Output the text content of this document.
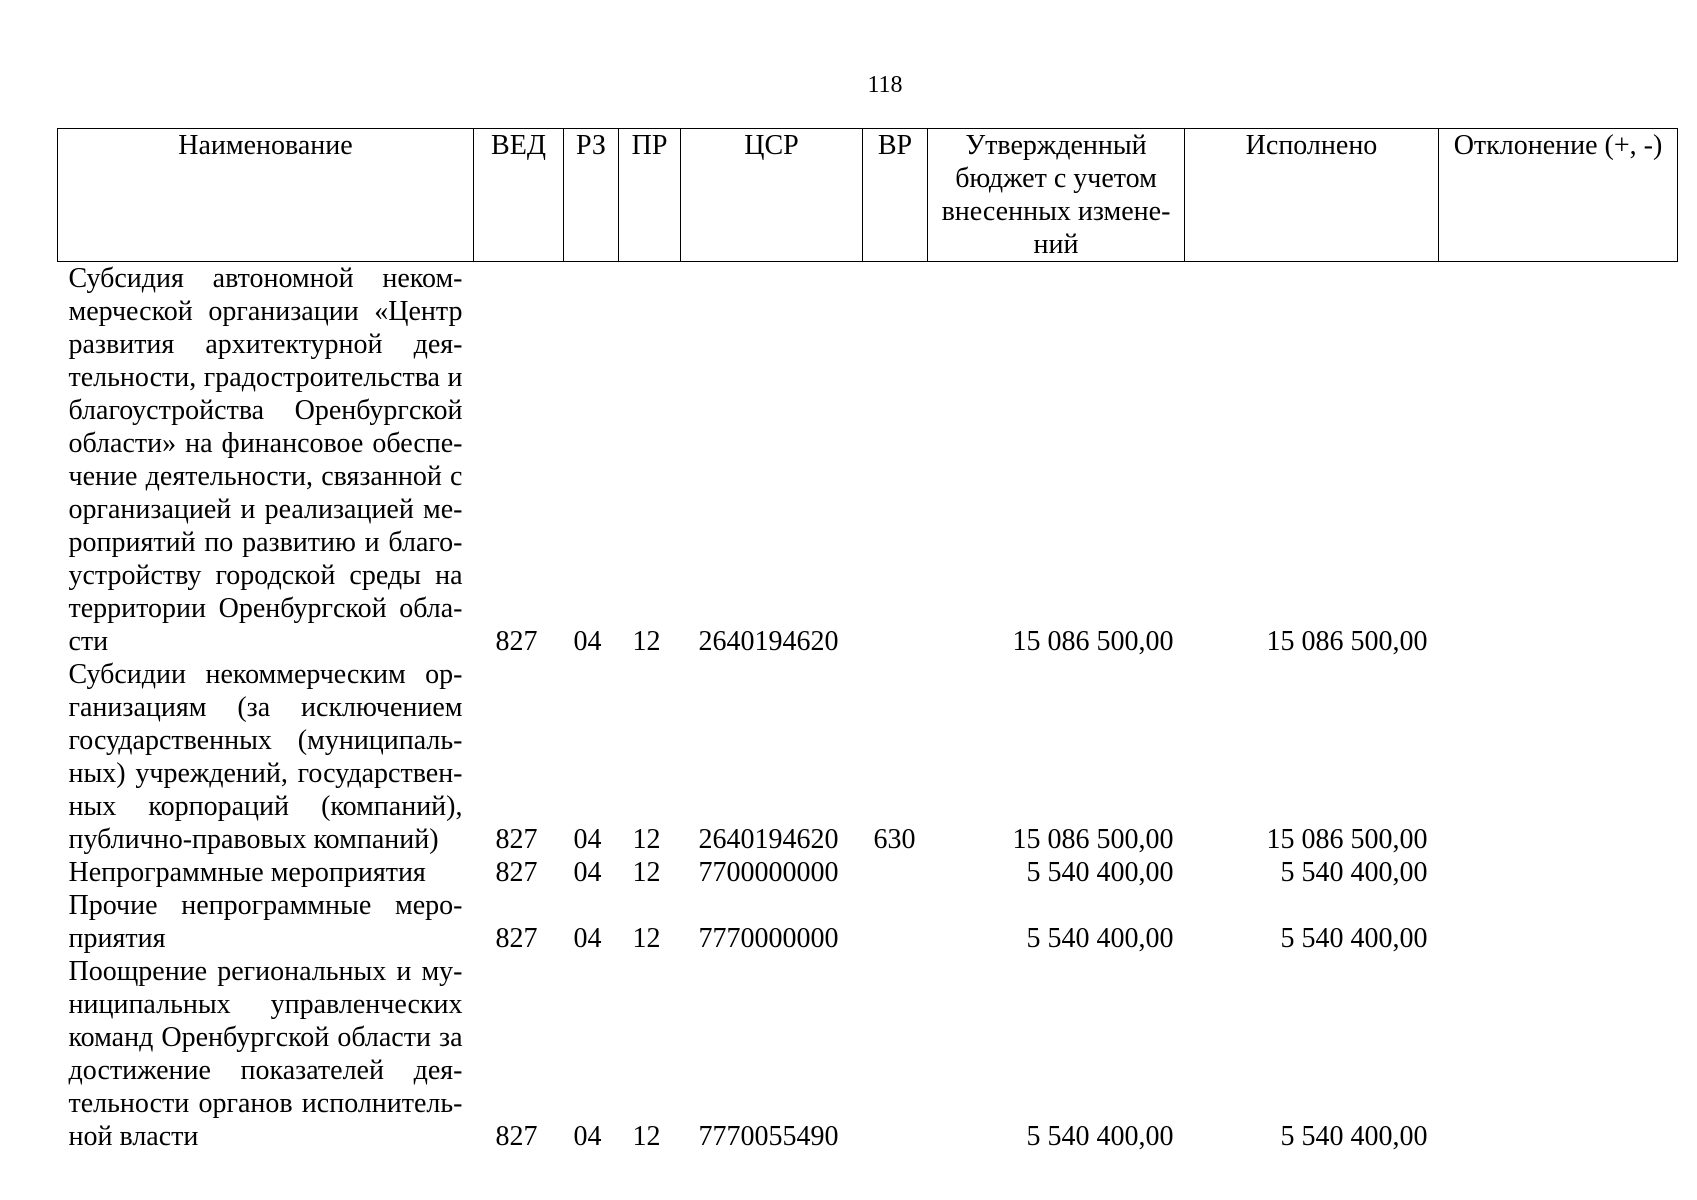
118
Наименование	ВЕД	РЗ	ПР	ЦСР	ВР	Утвержденный бюджет с учетом внесенных измене-ний	Исполнено	Отклонение (+, -)
Субсидия автономной неком-мерческой организации «Центр развития архитектурной дея-тельности, градостроительства и благоустройства Оренбургской области» на финансовое обеспе-чение деятельности, связанной с организацией и реализацией ме-роприятий по развитию и благо-устройству городской среды на территории Оренбургской обла-сти	827	04	12	2640194620		15 086 500,00	15 086 500,00	
Субсидии некоммерческим ор-ганизациям (за исключением государственных (муниципаль-ных) учреждений, государствен-ных корпораций (компаний), публично-правовых компаний)	827	04	12	2640194620	630	15 086 500,00	15 086 500,00	
Непрограммные мероприятия	827	04	12	7700000000		5 540 400,00	5 540 400,00	
Прочие непрограммные меро-приятия	827	04	12	7770000000		5 540 400,00	5 540 400,00	
Поощрение региональных и му-ниципальных управленческих команд Оренбургской области за достижение показателей дея-тельности органов исполнитель-ной власти	827	04	12	7770055490		5 540 400,00	5 540 400,00	
